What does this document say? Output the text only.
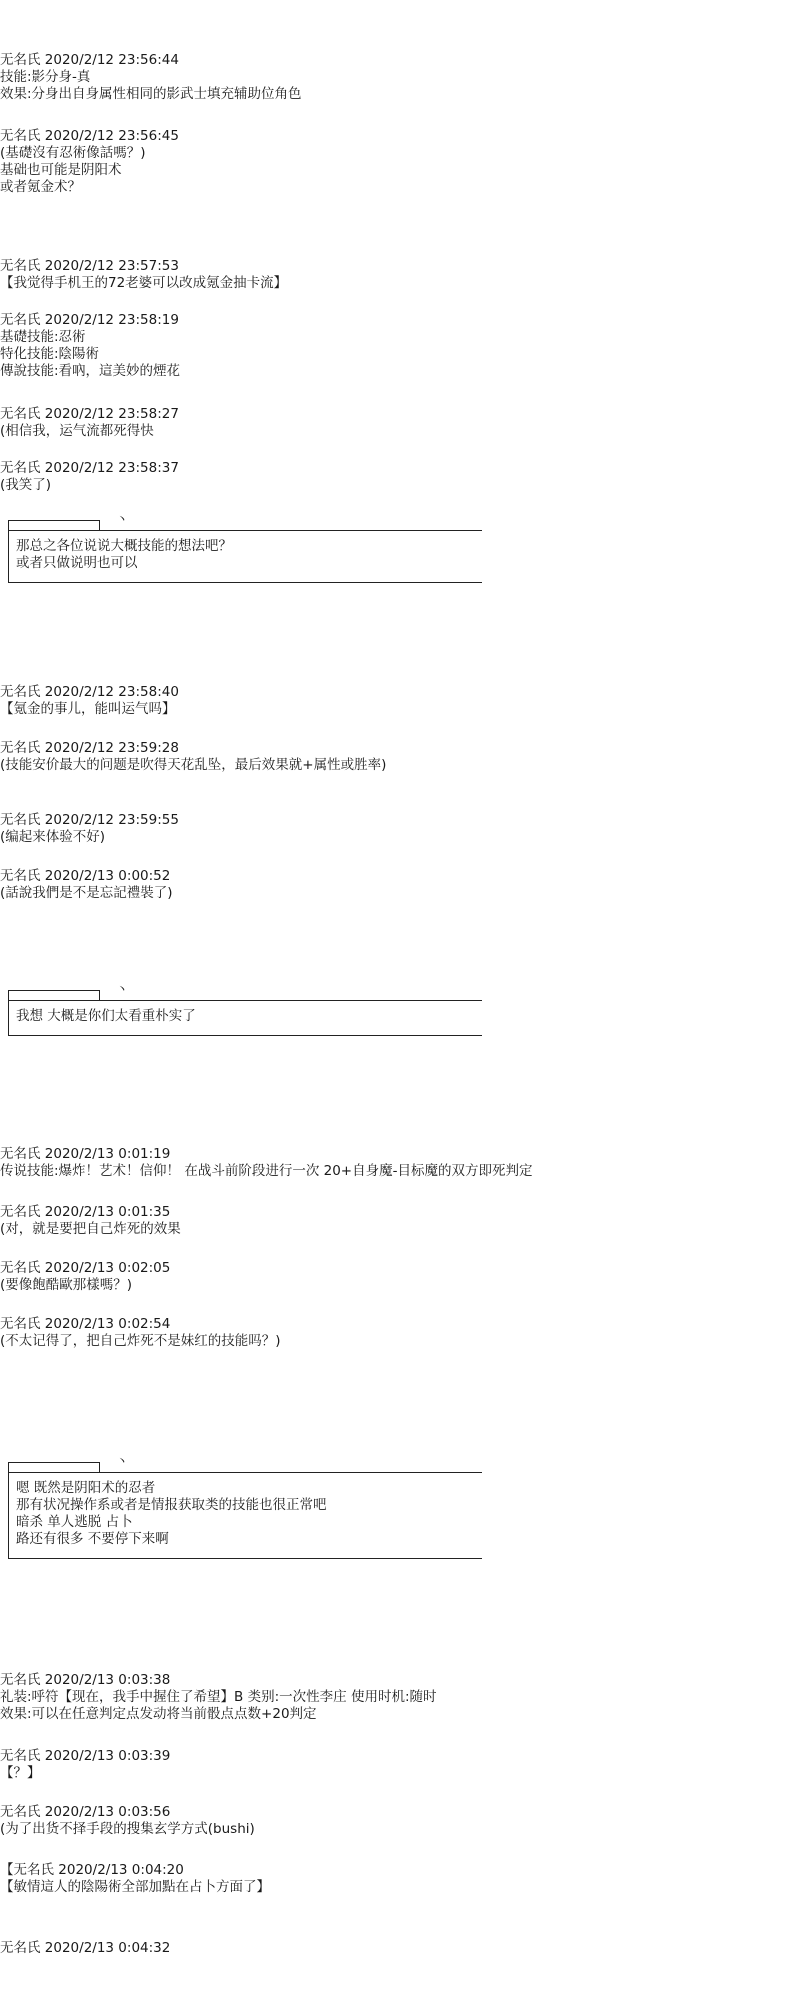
无名氏 2020/2/12 23:56:44
技能:影分身-真
效果:分身出自身属性相同的影武士填充辅助位角色
无名氏 2020/2/12 23:56:45
(基礎沒有忍術像話嗎？)
基础也可能是阴阳术
或者氪金术？
无名氏 2020/2/12 23:57:53
【我觉得手机王的72老婆可以改成氪金抽卡流】
无名氏 2020/2/12 23:58:19
基礎技能:忍術
特化技能:陰陽術
傳說技能:看吶，這美妙的煙花
无名氏 2020/2/12 23:58:27
(相信我，运气流都死得快
无名氏 2020/2/12 23:58:37
(我笑了)
无名氏 2020/2/12 23:58:40
【氪金的事儿，能叫运气吗】
无名氏 2020/2/12 23:59:28
(技能安价最大的问题是吹得天花乱坠，最后效果就+属性或胜率)
无名氏 2020/2/12 23:59:55
(编起来体验不好)
无名氏 2020/2/13 0:00:52
(話說我們是不是忘記禮裝了)
无名氏 2020/2/13 0:01:19
传说技能:爆炸！艺术！信仰！ 在战斗前阶段进行一次 20+自身魔-目标魔的双方即死判定
无名氏 2020/2/13 0:01:35
(对，就是要把自己炸死的效果
无名氏 2020/2/13 0:02:05
(要像飽酷歐那樣嗎？)
无名氏 2020/2/13 0:02:54
(不太记得了，把自己炸死不是妹红的技能吗？)
无名氏 2020/2/13 0:03:38
礼装:呼符【现在，我手中握住了希望】B 类别:一次性李庄 使用时机:随时
效果:可以在任意判定点发动将当前骰点点数+20判定
无名氏 2020/2/13 0:03:39
【？】
无名氏 2020/2/13 0:03:56
(为了出货不择手段的搜集玄学方式(bushi)
【无名氏 2020/2/13 0:04:20
【敏情這人的陰陽術全部加點在占卜方面了】
无名氏 2020/2/13 0:04:32
丶
那总之各位说说大概技能的想法吧？
或者只做说明也可以
丶
我想 大概是你们太看重朴实了
丶
嗯 既然是阴阳术的忍者
那有状况操作系或者是情报获取类的技能也很正常吧
暗杀 单人逃脱 占卜
路还有很多 不要停下来啊
